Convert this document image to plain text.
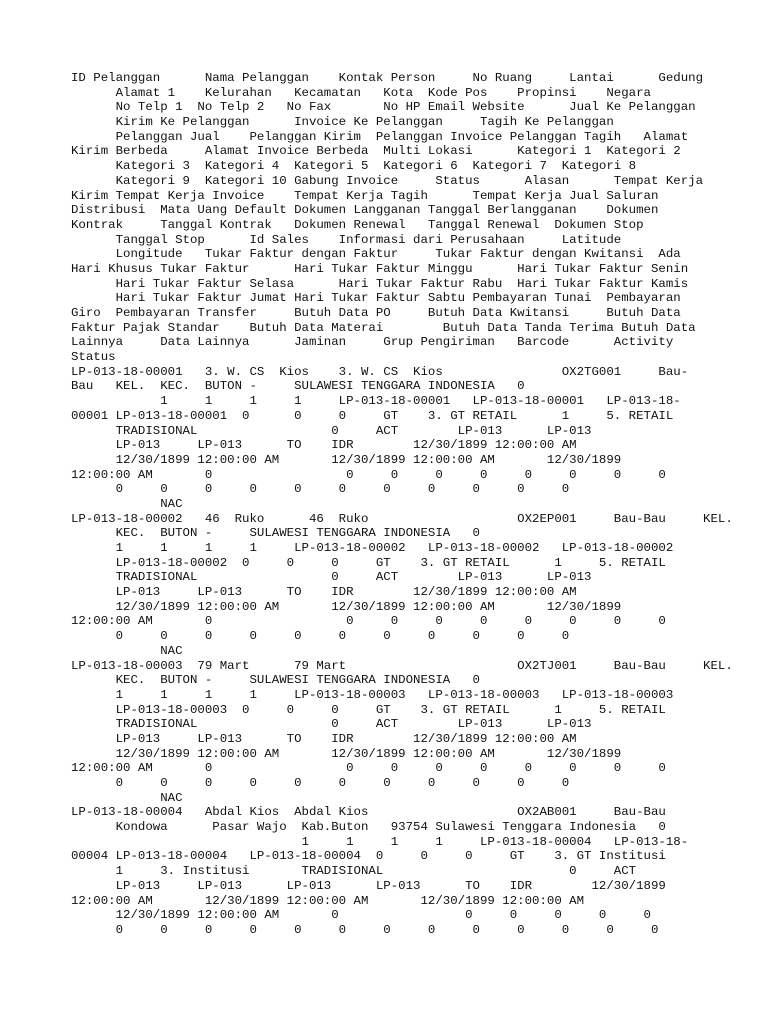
ID Pelanggan      Nama Pelanggan    Kontak Person     No Ruang     Lantai      Gedung
Alamat 1    Kelurahan   Kecamatan   Kota  Kode Pos    Propinsi    Negara
No Telp 1  No Telp 2   No Fax       No HP Email Website      Jual Ke Pelanggan
Kirim Ke Pelanggan      Invoice Ke Pelanggan     Tagih Ke Pelanggan
Pelanggan Jual    Pelanggan Kirim  Pelanggan Invoice Pelanggan Tagih   Alamat
Kirim Berbeda     Alamat Invoice Berbeda  Multi Lokasi      Kategori 1  Kategori 2
Kategori 3  Kategori 4  Kategori 5  Kategori 6  Kategori 7  Kategori 8
Kategori 9  Kategori 10 Gabung Invoice     Status      Alasan      Tempat Kerja
Kirim Tempat Kerja Invoice    Tempat Kerja Tagih      Tempat Kerja Jual Saluran
Distribusi  Mata Uang Default Dokumen Langganan Tanggal Berlangganan    Dokumen
Kontrak     Tanggal Kontrak   Dokumen Renewal   Tanggal Renewal  Dokumen Stop
Tanggal Stop      Id Sales    Informasi dari Perusahaan     Latitude
Longitude   Tukar Faktur dengan Faktur     Tukar Faktur dengan Kwitansi  Ada
Hari Khusus Tukar Faktur      Hari Tukar Faktur Minggu      Hari Tukar Faktur Senin
Hari Tukar Faktur Selasa      Hari Tukar Faktur Rabu  Hari Tukar Faktur Kamis
Hari Tukar Faktur Jumat Hari Tukar Faktur Sabtu Pembayaran Tunai  Pembayaran
Giro  Pembayaran Transfer     Butuh Data PO     Butuh Data Kwitansi     Butuh Data
Faktur Pajak Standar    Butuh Data Materai        Butuh Data Tanda Terima Butuh Data
Lainnya     Data Lainnya      Jaminan     Grup Pengiriman   Barcode      Activity
Status
LP-013-18-00001   3. W. CS  Kios    3. W. CS  Kios                OX2TG001     Bau-
Bau   KEL.  KEC.  BUTON -     SULAWESI TENGGARA INDONESIA   0
1     1     1     1     LP-013-18-00001   LP-013-18-00001   LP-013-18-
00001 LP-013-18-00001  0      0     0     GT    3. GT RETAIL      1     5. RETAIL
TRADISIONAL                  0     ACT        LP-013      LP-013
LP-013     LP-013      TO    IDR        12/30/1899 12:00:00 AM
12/30/1899 12:00:00 AM       12/30/1899 12:00:00 AM       12/30/1899
12:00:00 AM       0                  0     0     0     0     0     0     0     0
0     0     0     0     0     0     0     0     0     0     0
NAC
LP-013-18-00002   46  Ruko      46  Ruko                    OX2EP001     Bau-Bau     KEL.
KEC.  BUTON -     SULAWESI TENGGARA INDONESIA   0
1     1     1     1     LP-013-18-00002   LP-013-18-00002   LP-013-18-00002
LP-013-18-00002  0     0     0     GT    3. GT RETAIL      1     5. RETAIL
TRADISIONAL                  0     ACT        LP-013      LP-013
LP-013     LP-013      TO    IDR        12/30/1899 12:00:00 AM
12/30/1899 12:00:00 AM       12/30/1899 12:00:00 AM       12/30/1899
12:00:00 AM       0                  0     0     0     0     0     0     0     0
0     0     0     0     0     0     0     0     0     0     0
NAC
LP-013-18-00003  79 Mart      79 Mart                       OX2TJ001     Bau-Bau     KEL.
KEC.  BUTON -     SULAWESI TENGGARA INDONESIA   0
1     1     1     1     LP-013-18-00003   LP-013-18-00003   LP-013-18-00003
LP-013-18-00003  0     0     0     GT    3. GT RETAIL      1     5. RETAIL
TRADISIONAL                  0     ACT        LP-013      LP-013
LP-013     LP-013      TO    IDR        12/30/1899 12:00:00 AM
12/30/1899 12:00:00 AM       12/30/1899 12:00:00 AM       12/30/1899
12:00:00 AM       0                  0     0     0     0     0     0     0     0
0     0     0     0     0     0     0     0     0     0     0
NAC
LP-013-18-00004   Abdal Kios  Abdal Kios                    OX2AB001     Bau-Bau
Kondowa      Pasar Wajo  Kab.Buton   93754 Sulawesi Tenggara Indonesia   0
1     1     1     1     LP-013-18-00004   LP-013-18-
00004 LP-013-18-00004   LP-013-18-00004  0     0     0     GT    3. GT Institusi
1     3. Institusi       TRADISIONAL                         0     ACT
LP-013     LP-013      LP-013      LP-013      TO    IDR        12/30/1899
12:00:00 AM       12/30/1899 12:00:00 AM       12/30/1899 12:00:00 AM
12/30/1899 12:00:00 AM       0                 0     0     0     0     0
0     0     0     0     0     0     0     0     0     0     0     0     0
